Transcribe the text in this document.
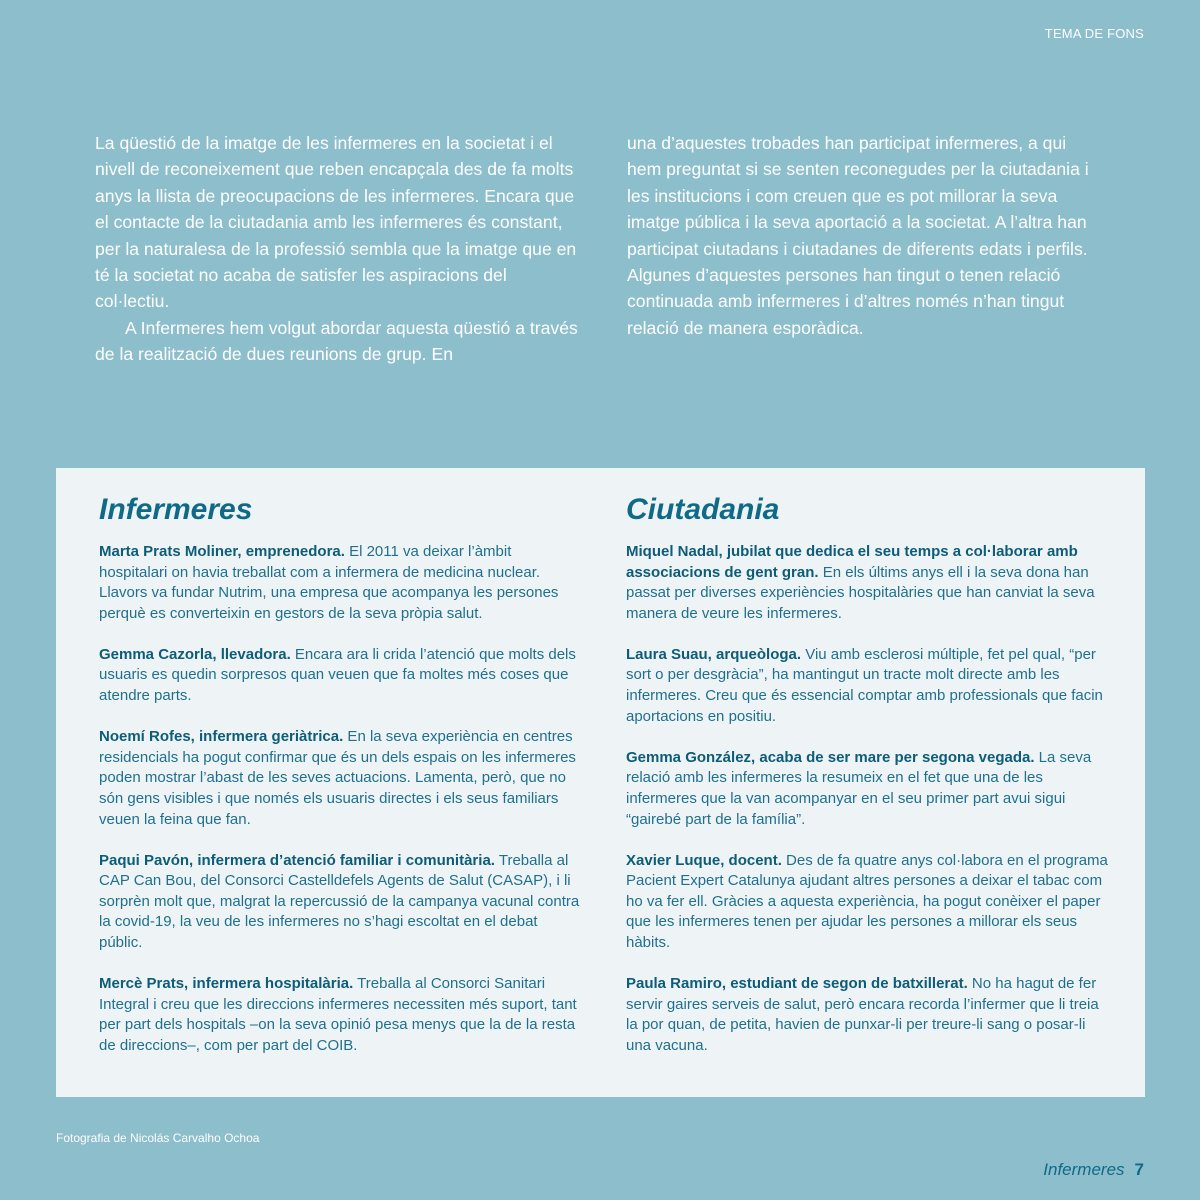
TEMA DE FONS

La qüestió de la imatge de les infermeres en la societat i el nivell de reconeixement que reben encapçala des de fa molts anys la llista de preocupacions de les infermeres. Encara que el contacte de la ciutadania amb les infermeres és constant, per la naturalesa de la professió sembla que la imatge que en té la societat no acaba de satisfer les aspiracions del col·lectiu.

A Infermeres hem volgut abordar aquesta qüestió a través de la realització de dues reunions de grup. En

una d’aquestes trobades han participat infermeres, a qui hem preguntat si se senten reconegudes per la ciutadania i les institucions i com creuen que es pot millorar la seva imatge pública i la seva aportació a la societat. A l’altra han participat ciutadans i ciutadanes de diferents edats i perfils. Algunes d’aquestes persones han tingut o tenen relació continuada amb infermeres i d’altres només n’han tingut relació de manera esporàdica.

Infermeres

Marta Prats Moliner, emprenedora. El 2011 va deixar l’àmbit hospitalari on havia treballat com a infermera de medicina nuclear. Llavors va fundar Nutrim, una empresa que acompanya les persones perquè es converteixin en gestors de la seva pròpia salut.

Gemma Cazorla, llevadora. Encara ara li crida l’atenció que molts dels usuaris es quedin sorpresos quan veuen que fa moltes més coses que atendre parts.

Noemí Rofes, infermera geriàtrica. En la seva experiència en centres residencials ha pogut confirmar que és un dels espais on les infermeres poden mostrar l’abast de les seves actuacions. Lamenta, però, que no són gens visibles i que només els usuaris directes i els seus familiars veuen la feina que fan.

Paqui Pavón, infermera d’atenció familiar i comunitària. Treballa al CAP Can Bou, del Consorci Castelldefels Agents de Salut (CASAP), i li sorprèn molt que, malgrat la repercussió de la campanya vacunal contra la covid-19, la veu de les infermeres no s’hagi escoltat en el debat públic.

Mercè Prats, infermera hospitalària. Treballa al Consorci Sanitari Integral i creu que les direccions infermeres necessiten més suport, tant per part dels hospitals –on la seva opinió pesa menys que la de la resta de direccions–, com per part del COIB.

Ciutadania

Miquel Nadal, jubilat que dedica el seu temps a col·laborar amb associacions de gent gran. En els últims anys ell i la seva dona han passat per diverses experiències hospitalàries que han canviat la seva manera de veure les infermeres.

Laura Suau, arqueòloga. Viu amb esclerosi múltiple, fet pel qual, “per sort o per desgràcia”, ha mantingut un tracte molt directe amb les infermeres. Creu que és essencial comptar amb professionals que facin aportacions en positiu.

Gemma González, acaba de ser mare per segona vegada. La seva relació amb les infermeres la resumeix en el fet que una de les infermeres que la van acompanyar en el seu primer part avui sigui “gairebé part de la família”.

Xavier Luque, docent. Des de fa quatre anys col·labora en el programa Pacient Expert Catalunya ajudant altres persones a deixar el tabac com ho va fer ell. Gràcies a aquesta experiència, ha pogut conèixer el paper que les infermeres tenen per ajudar les persones a millorar els seus hàbits.

Paula Ramiro, estudiant de segon de batxillerat. No ha hagut de fer servir gaires serveis de salut, però encara recorda l’infermer que li treia la por quan, de petita, havien de punxar-li per treure-li sang o posar-li una vacuna.

Fotografia de Nicolás Carvalho Ochoa
Infermeres 7
